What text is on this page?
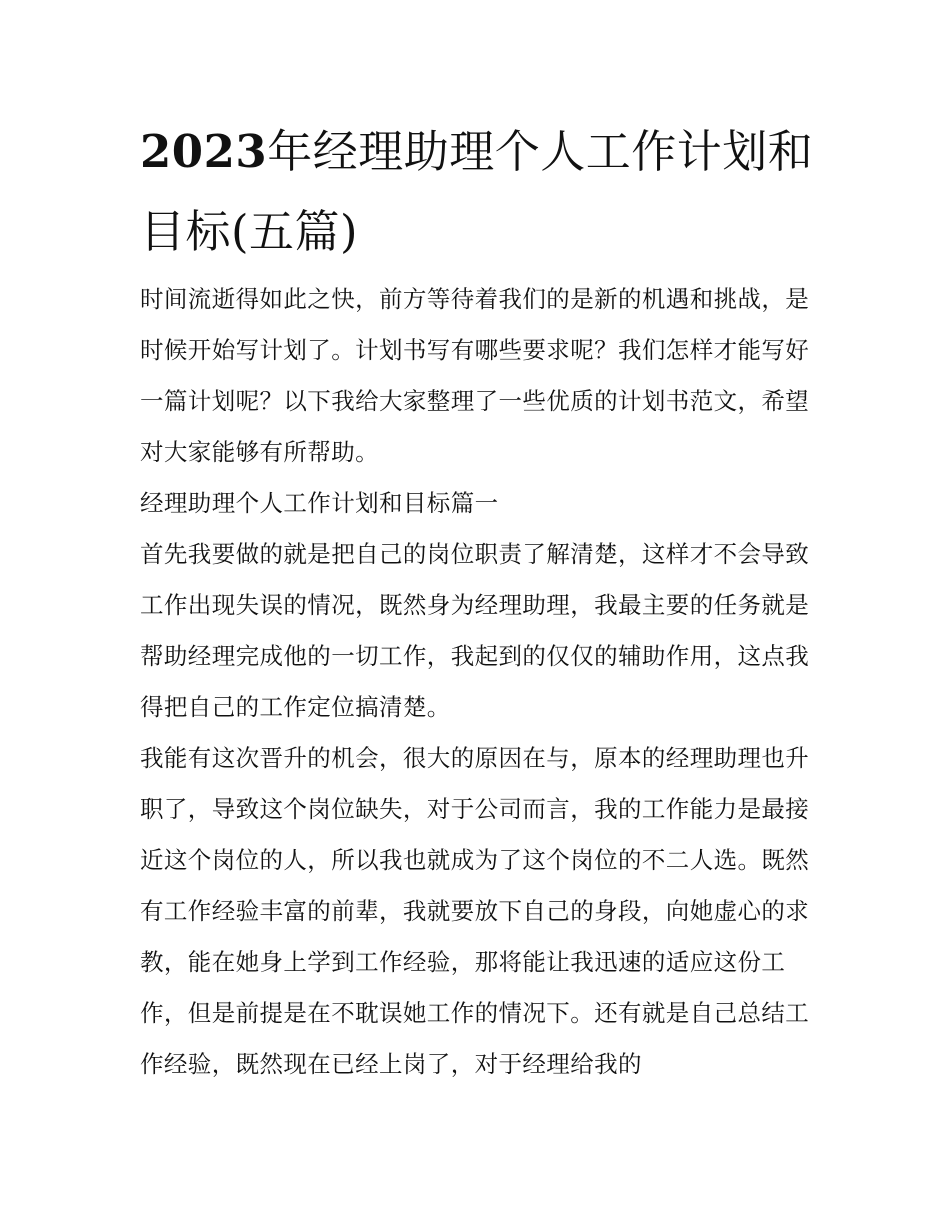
2023年经理助理个人工作计划和目标(五篇)

时间流逝得如此之快，前方等待着我们的是新的机遇和挑战，是时候开始写计划了。计划书写有哪些要求呢？我们怎样才能写好一篇计划呢？以下我给大家整理了一些优质的计划书范文，希望对大家能够有所帮助。

经理助理个人工作计划和目标篇一

首先我要做的就是把自己的岗位职责了解清楚，这样才不会导致工作出现失误的情况，既然身为经理助理，我最主要的任务就是帮助经理完成他的一切工作，我起到的仅仅的辅助作用，这点我得把自己的工作定位搞清楚。

我能有这次晋升的机会，很大的原因在与，原本的经理助理也升职了，导致这个岗位缺失，对于公司而言，我的工作能力是最接近这个岗位的人，所以我也就成为了这个岗位的不二人选。既然有工作经验丰富的前辈，我就要放下自己的身段，向她虚心的求教，能在她身上学到工作经验，那将能让我迅速的适应这份工作，但是前提是在不耽误她工作的情况下。还有就是自己总结工作经验，既然现在已经上岗了，对于经理给我的
